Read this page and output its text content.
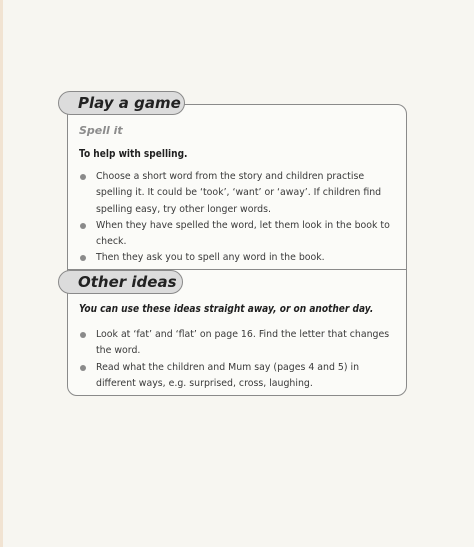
Play a game
Spell it
To help with spelling.
Choose a short word from the story and children practise spelling it. It could be ‘took’, ‘want’ or ‘away’. If children find spelling easy, try other longer words.
When they have spelled the word, let them look in the book to check.
Then they ask you to spell any word in the book.
Other ideas
You can use these ideas straight away, or on another day.
Look at ‘fat’ and ‘flat’ on page 16. Find the letter that changes the word.
Read what the children and Mum say (pages 4 and 5) in different ways, e.g. surprised, cross, laughing.
